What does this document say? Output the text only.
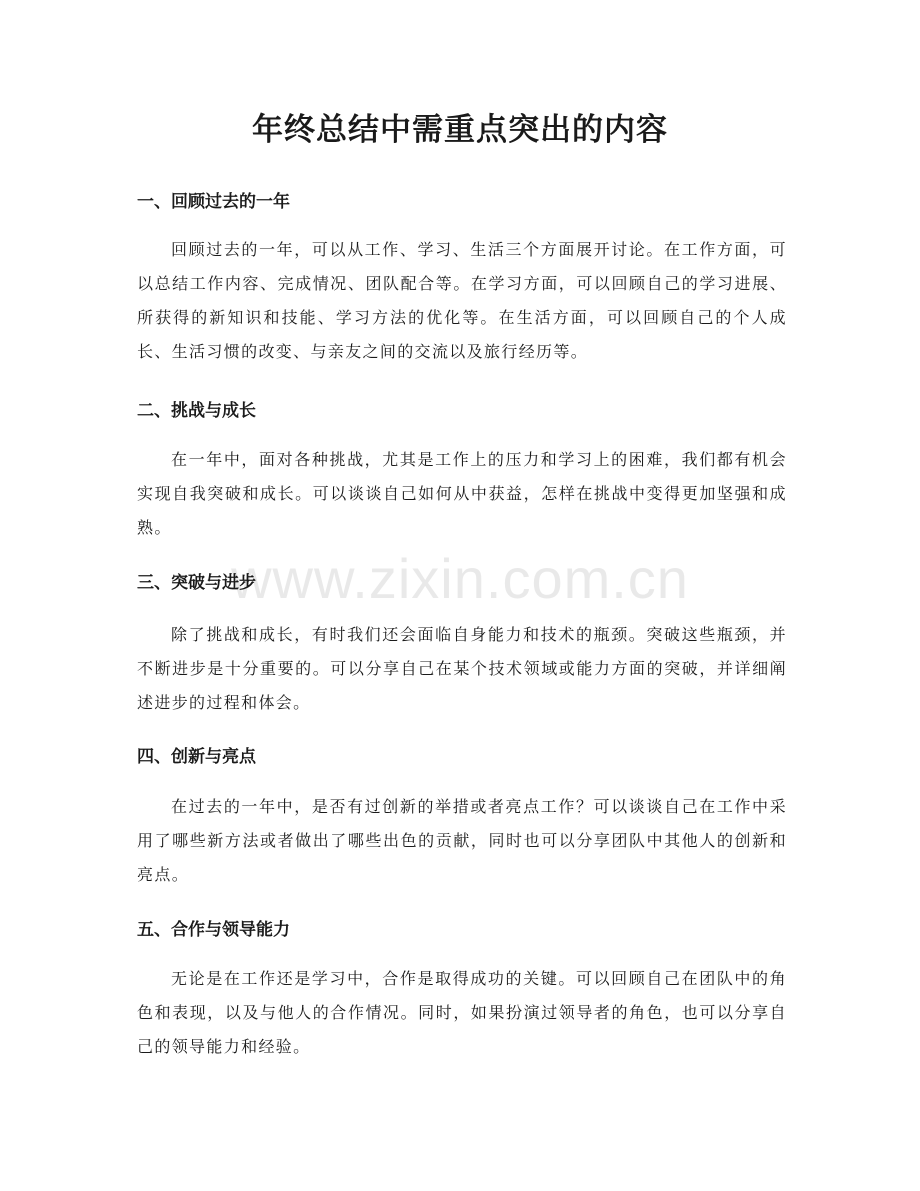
www.zixin.com.cn
年终总结中需重点突出的内容
一、回顾过去的一年

回顾过去的一年，可以从工作、学习、生活三个方面展开讨论。在工作方面，可以总结工作内容、完成情况、团队配合等。在学习方面，可以回顾自己的学习进展、所获得的新知识和技能、学习方法的优化等。在生活方面，可以回顾自己的个人成长、生活习惯的改变、与亲友之间的交流以及旅行经历等。

二、挑战与成长

在一年中，面对各种挑战，尤其是工作上的压力和学习上的困难，我们都有机会实现自我突破和成长。可以谈谈自己如何从中获益，怎样在挑战中变得更加坚强和成熟。

三、突破与进步

除了挑战和成长，有时我们还会面临自身能力和技术的瓶颈。突破这些瓶颈，并不断进步是十分重要的。可以分享自己在某个技术领域或能力方面的突破，并详细阐述进步的过程和体会。

四、创新与亮点

在过去的一年中，是否有过创新的举措或者亮点工作？可以谈谈自己在工作中采用了哪些新方法或者做出了哪些出色的贡献，同时也可以分享团队中其他人的创新和亮点。

五、合作与领导能力

无论是在工作还是学习中，合作是取得成功的关键。可以回顾自己在团队中的角色和表现，以及与他人的合作情况。同时，如果扮演过领导者的角色，也可以分享自己的领导能力和经验。
